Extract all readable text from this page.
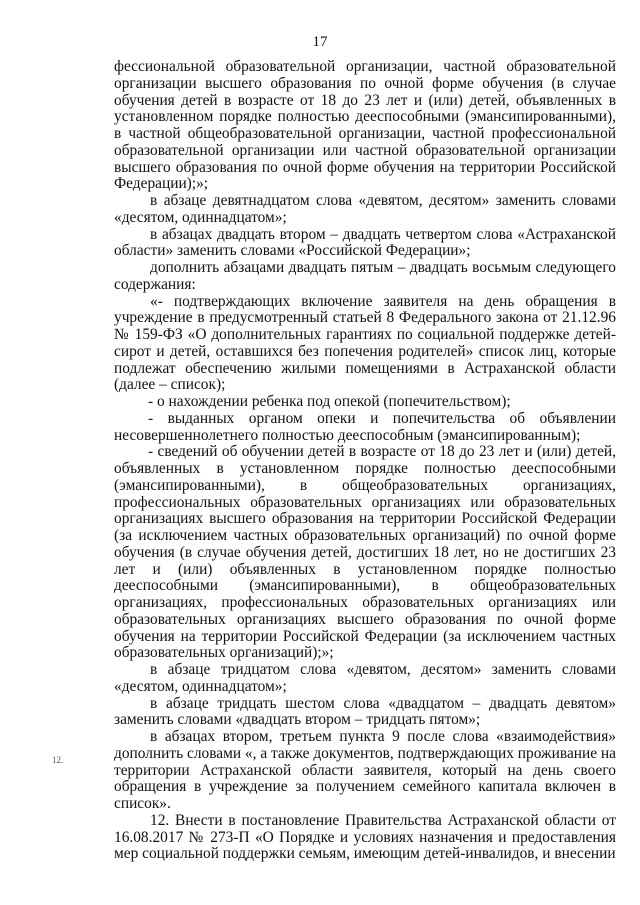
17
12.

фессиональной образовательной организации, частной образовательной организации высшего образования по очной форме обучения (в случае обучения детей в возрасте от 18 до 23 лет и (или) детей, объявленных в установленном порядке полностью дееспособными (эмансипированными), в частной общеобразовательной организации, частной профессиональной образовательной организации или частной образовательной организации высшего образования по очной форме обучения на территории Российской Федерации);»;

в абзаце девятнадцатом слова «девятом, десятом» заменить словами «десятом, одиннадцатом»;

в абзацах двадцать втором – двадцать четвертом слова «Астраханской области» заменить словами «Российской Федерации»;

дополнить абзацами двадцать пятым – двадцать восьмым следующего содержания:

«- подтверждающих включение заявителя на день обращения в учреждение в предусмотренный статьей 8 Федерального закона от 21.12.96 № 159-ФЗ «О дополнительных гарантиях по социальной поддержке детей-сирот и детей, оставшихся без попечения родителей» список лиц, которые подлежат обеспечению жилыми помещениями в Астраханской области (далее – список);

- о нахождении ребенка под опекой (попечительством);

- выданных органом опеки и попечительства об объявлении несовершеннолетнего полностью дееспособным (эмансипированным);

- сведений об обучении детей в возрасте от 18 до 23 лет и (или) детей, объявленных в установленном порядке полностью дееспособными (эмансипированными), в общеобразовательных организациях, профессиональных образовательных организациях или образовательных организациях высшего образования на территории Российской Федерации (за исключением частных образовательных организаций) по очной форме обучения (в случае обучения детей, достигших 18 лет, но не достигших 23 лет и (или) объявленных в установленном порядке полностью дееспособными (эмансипированными), в общеобразовательных организациях, профессиональных образовательных организациях или образовательных организациях высшего образования по очной форме обучения на территории Российской Федерации (за исключением частных образовательных организаций);»;

в абзаце тридцатом слова «девятом, десятом» заменить словами «десятом, одиннадцатом»;

в абзаце тридцать шестом слова «двадцатом – двадцать девятом» заменить словами «двадцать втором – тридцать пятом»;

в абзацах втором, третьем пункта 9 после слова «взаимодействия» дополнить словами «, а также документов, подтверждающих проживание на территории Астраханской области заявителя, который на день своего обращения в учреждение за получением семейного капитала включен в список».

12. Внести в постановление Правительства Астраханской области от 16.08.2017 № 273-П «О Порядке и условиях назначения и предоставления мер социальной поддержки семьям, имеющим детей-инвалидов, и внесении
